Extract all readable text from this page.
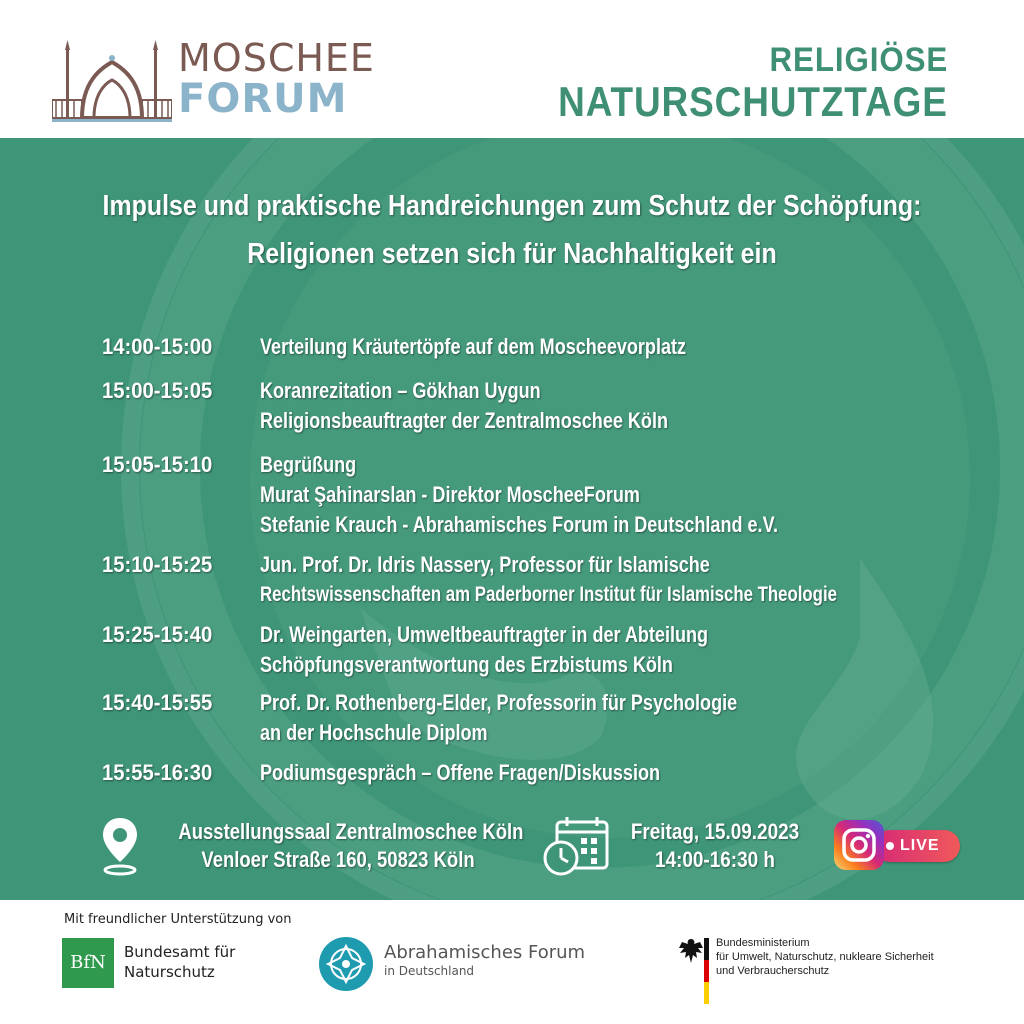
MOSCHEE
FORUM
RELIGIÖSE
NATURSCHUTZTAGE
Impulse und praktische Handreichungen zum Schutz der Schöpfung:
Religionen setzen sich für Nachhaltigkeit ein
14:00-15:00 Verteilung Kräutertöpfe auf dem Moscheevorplatz
15:00-15:05 Koranrezitation – Gökhan Uygun
Religionsbeauftragter der Zentralmoschee Köln
15:05-15:10 Begrüßung
Murat Şahinarslan - Direktor MoscheeForum
Stefanie Krauch - Abrahamisches Forum in Deutschland e.V.
15:10-15:25 Jun. Prof. Dr. Idris Nassery, Professor für Islamische
Rechtswissenschaften am Paderborner Institut für Islamische Theologie
15:25-15:40 Dr. Weingarten, Umweltbeauftragter in der Abteilung
Schöpfungsverantwortung des Erzbistums Köln
15:40-15:55 Prof. Dr. Rothenberg-Elder, Professorin für Psychologie
an der Hochschule Diplom
15:55-16:30 Podiumsgespräch – Offene Fragen/Diskussion
Ausstellungssaal Zentralmoschee Köln
Venloer Straße 160, 50823 Köln
Freitag, 15.09.2023
14:00-16:30 h
LIVE
Mit freundlicher Unterstützung von
BfN	Bundesamt für
Naturschutz
Abrahamisches Forum
in Deutschland
Bundesministerium
für Umwelt, Naturschutz, nukleare Sicherheit
und Verbraucherschutz
